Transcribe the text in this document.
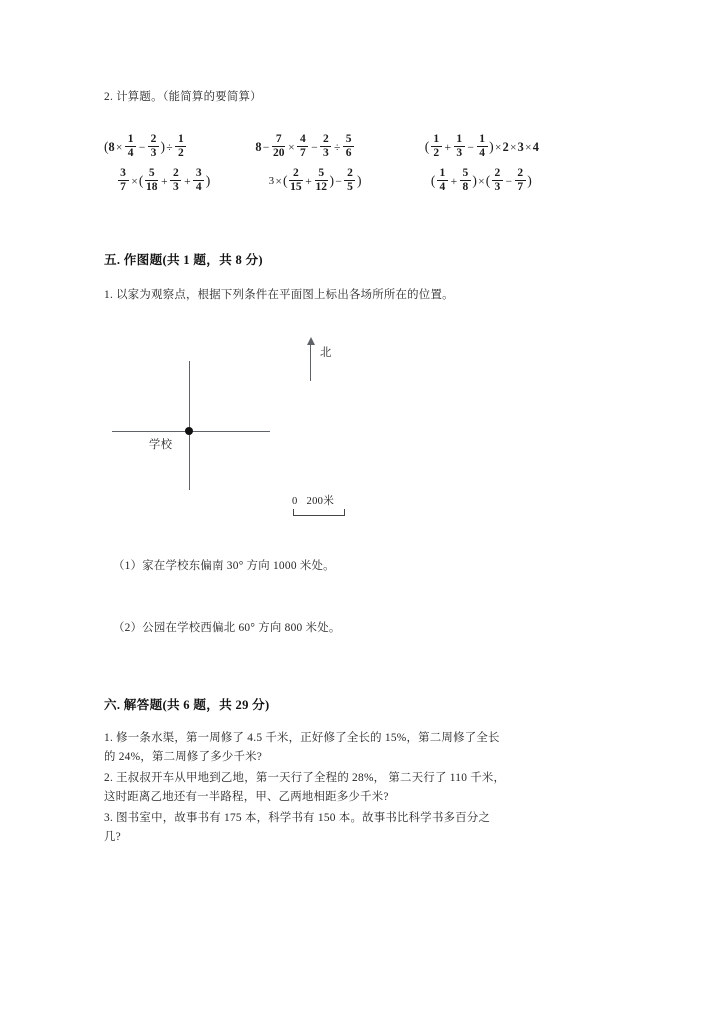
2. 计算题。（能简算的要简算）
( $8 \times \frac{1}{4} - \frac{2}{3}$ ) ÷ $\frac{1}{2}$	$8 - \frac{7}{20} \times \frac{4}{7} - \frac{2}{3} \div \frac{5}{6}$	( $\frac{1}{2} + \frac{1}{3} - \frac{1}{4}$ ) × 2 × 3 × 4
$\frac{3}{7}$ × ( $\frac{5}{18} + \frac{2}{3} + \frac{3}{4}$ )	3 × ( $\frac{2}{15} + \frac{5}{12}$ ) − $\frac{2}{5}$ )	( $\frac{1}{4} + \frac{5}{8}$ ) × ( $\frac{2}{3} - \frac{2}{7}$ )
五. 作图题(共 1 题，共 8 分)
1. 以家为观察点，根据下列条件在平面图上标出各场所所在的位置。
学校
北
0 200米
（1）家在学校东偏南 30° 方向 1000 米处。
（2）公园在学校西偏北 60° 方向 800 米处。
六. 解答题(共 6 题，共 29 分)
1. 修一条水渠，第一周修了 4.5 千米，正好修了全长的 15%，第二周修了全长
的 24%，第二周修了多少千米?
2. 王叔叔开车从甲地到乙地，第一天行了全程的 28%， 第二天行了 110 千米，
这时距离乙地还有一半路程，甲、乙两地相距多少千米?
3. 图书室中，故事书有 175 本，科学书有 150 本。故事书比科学书多百分之
几?
